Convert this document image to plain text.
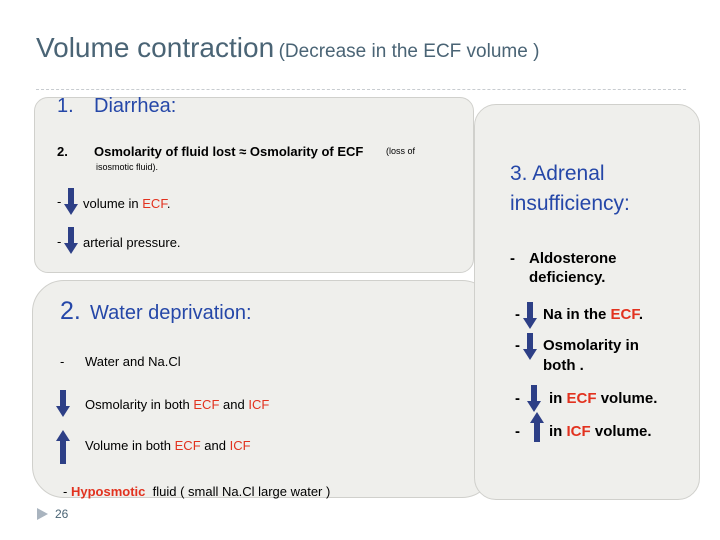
Volume contraction (Decrease in the ECF volume )
1. Diarrhea:
2. Osmolarity of fluid lost ≈ Osmolarity of ECF	(loss of
isosmotic fluid).
- volume in ECF.
- arterial pressure.
2. Water deprivation:
- Water and Na.Cl
Osmolarity in both ECF and ICF
Volume in both ECF and ICF
- Hyposmotic fluid ( small Na.Cl large water )
3. Adrenal
insufficiency:
- Aldosterone
deficiency.
- Na in the ECF.
- Osmolarity in
both .
- in ECF volume.
- in ICF volume.
26
